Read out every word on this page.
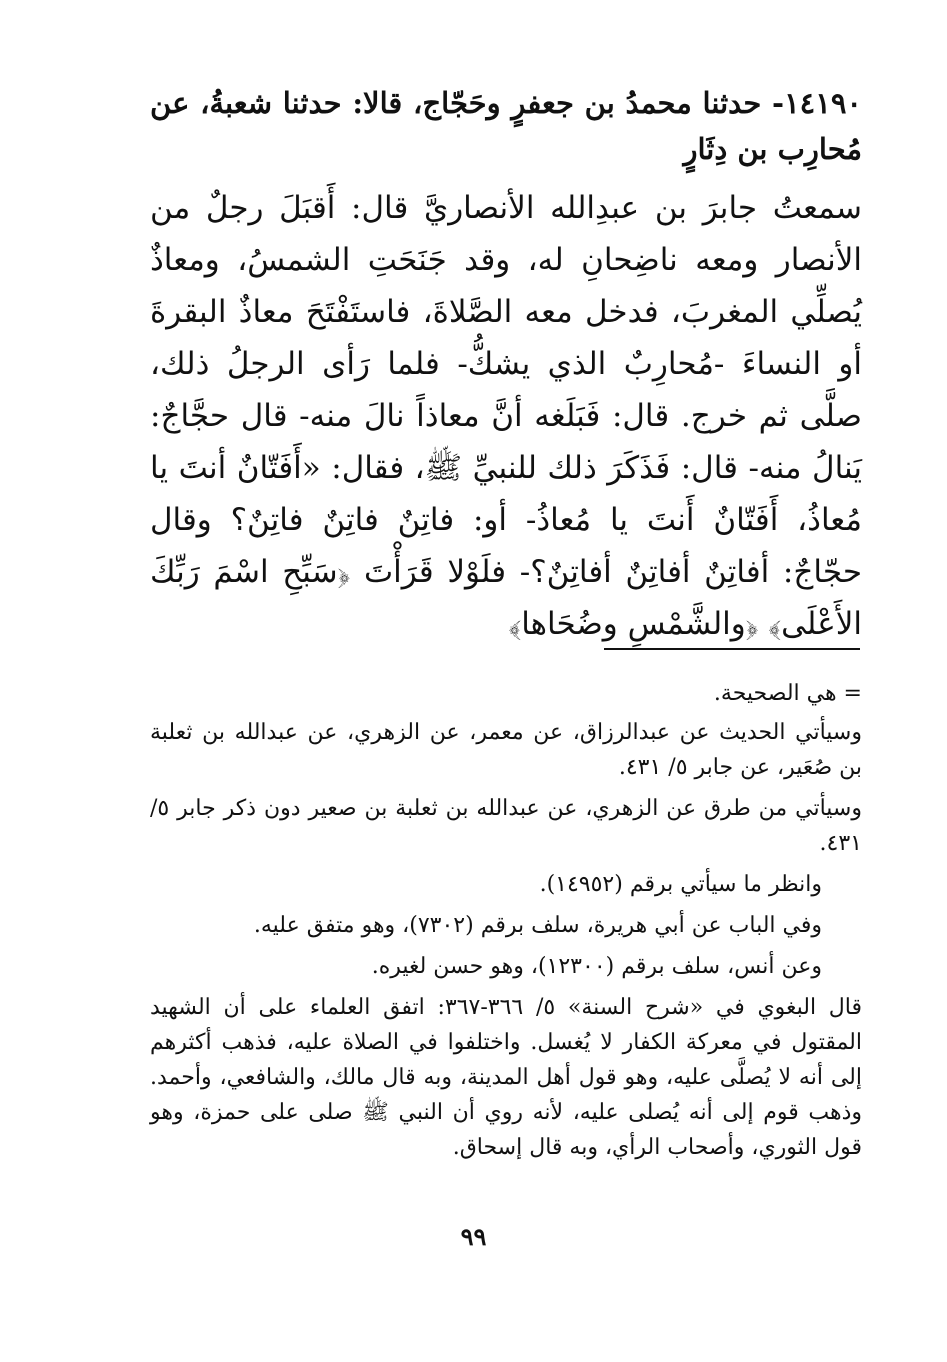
١٤١٩٠- حدثنا محمدُ بن جعفرٍ وحَجّاج، قالا: حدثنا شعبةُ، عن مُحارِب بن دِثَارٍ

سمعتُ جابرَ بن عبدِالله الأنصاريَّ قال: أَقبَلَ رجلٌ من الأنصار ومعه ناضِحانِ له، وقد جَنَحَتِ الشمسُ، ومعاذٌ يُصلِّي المغربَ، فدخل معه الصَّلاةَ، فاستَفْتَحَ معاذٌ البقرةَ أو النساءَ -مُحارِبٌ الذي يشكُّ- فلما رَأى الرجلُ ذلك، صلَّى ثم خرج. قال: فَبَلَغه أنَّ معاذاً نالَ منه- قال حجَّاجٌ: يَنالُ منه- قال: فَذَكَرَ ذلك للنبيِّ ﷺ، فقال: «أَفَتّانٌ أنتَ يا مُعاذُ، أَفَتّانٌ أَنتَ يا مُعاذُ- أو: فاتِنٌ فاتِنٌ فاتِنٌ؟ وقال حجّاجٌ: أفاتِنٌ أفاتِنٌ أفاتِنٌ؟- فلَوْلا قَرَأْتَ ﴿سَبِّحِ اسْمَ رَبِّكَ الأَعْلَى﴾ ﴿والشَّمْسِ وضُحَاها﴾

= هي الصحيحة.

وسيأتي الحديث عن عبدالرزاق، عن معمر، عن الزهري، عن عبدالله بن ثعلبة بن صُعَير، عن جابر ٥/ ٤٣١.

وسيأتي من طرق عن الزهري، عن عبدالله بن ثعلبة بن صعير دون ذكر جابر ٥/ ٤٣١.

وانظر ما سيأتي برقم (١٤٩٥٢).

وفي الباب عن أبي هريرة، سلف برقم (٧٣٠٢)، وهو متفق عليه.

وعن أنس، سلف برقم (١٢٣٠٠)، وهو حسن لغيره.

قال البغوي في «شرح السنة» ٥/ ٣٦٦-٣٦٧: اتفق العلماء على أن الشهيد المقتول في معركة الكفار لا يُغسل. واختلفوا في الصلاة عليه، فذهب أكثرهم إلى أنه لا يُصلَّى عليه، وهو قول أهل المدينة، وبه قال مالك، والشافعي، وأحمد. وذهب قوم إلى أنه يُصلى عليه، لأنه روي أن النبي ﷺ صلى على حمزة، وهو قول الثوري، وأصحاب الرأي، وبه قال إسحاق.

٩٩
